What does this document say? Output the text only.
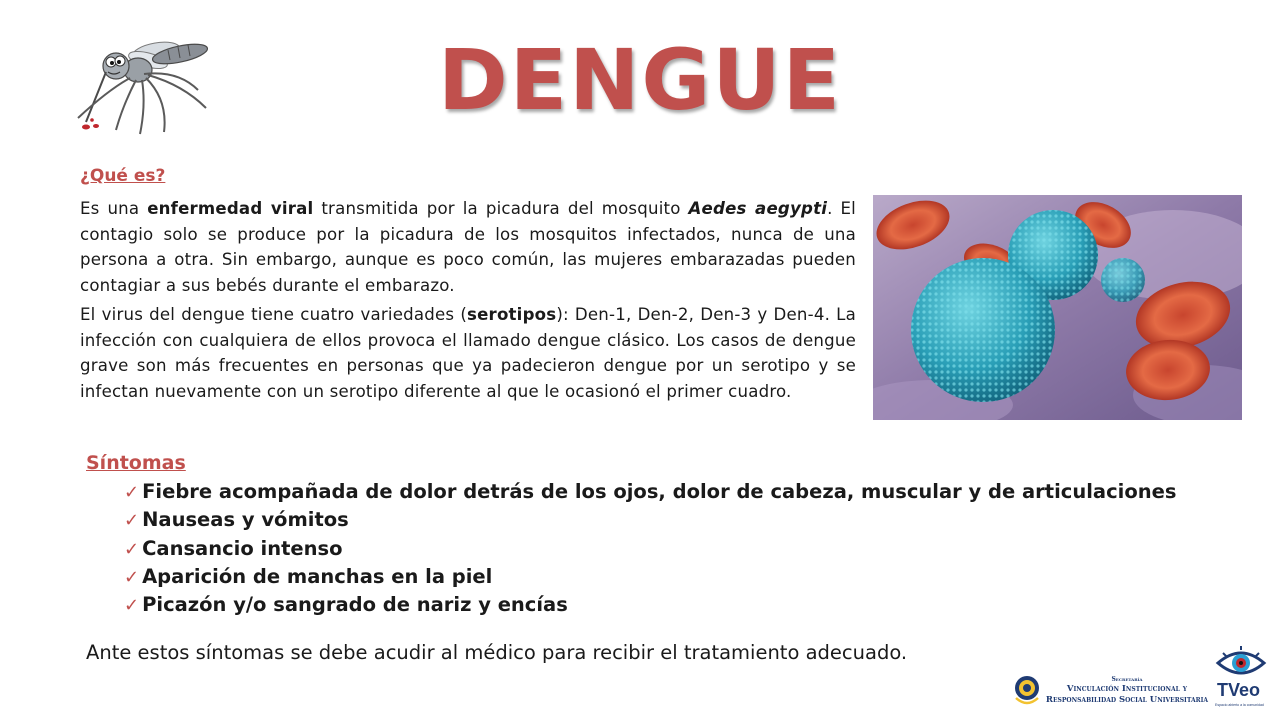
DENGUE
¿Qué es?

Es una enfermedad viral transmitida por la picadura del mosquito Aedes aegypti. El contagio solo se produce por la picadura de los mosquitos infectados, nunca de una persona a otra. Sin embargo, aunque es poco común, las mujeres embarazadas pueden contagiar a sus bebés durante el embarazo.

El virus del dengue tiene cuatro variedades (serotipos): Den-1, Den-2, Den-3 y Den-4. La infección con cualquiera de ellos provoca el llamado dengue clásico. Los casos de dengue grave son más frecuentes en personas que ya padecieron dengue por un serotipo y se infectan nuevamente con un serotipo diferente al que le ocasionó el primer cuadro.

Síntomas
✓ Fiebre acompañada de dolor detrás de los ojos, dolor de cabeza, muscular y de articulaciones
✓ Nauseas y vómitos
✓ Cansancio intenso
✓ Aparición de manchas en la piel
✓ Picazón y/o sangrado de nariz y encías
Ante estos síntomas se debe acudir al médico para recibir el tratamiento adecuado.
Secretaría
Vinculación Institucional y
Responsabilidad Social Universitaria TVeo
Espacio abierto a la comunidad
